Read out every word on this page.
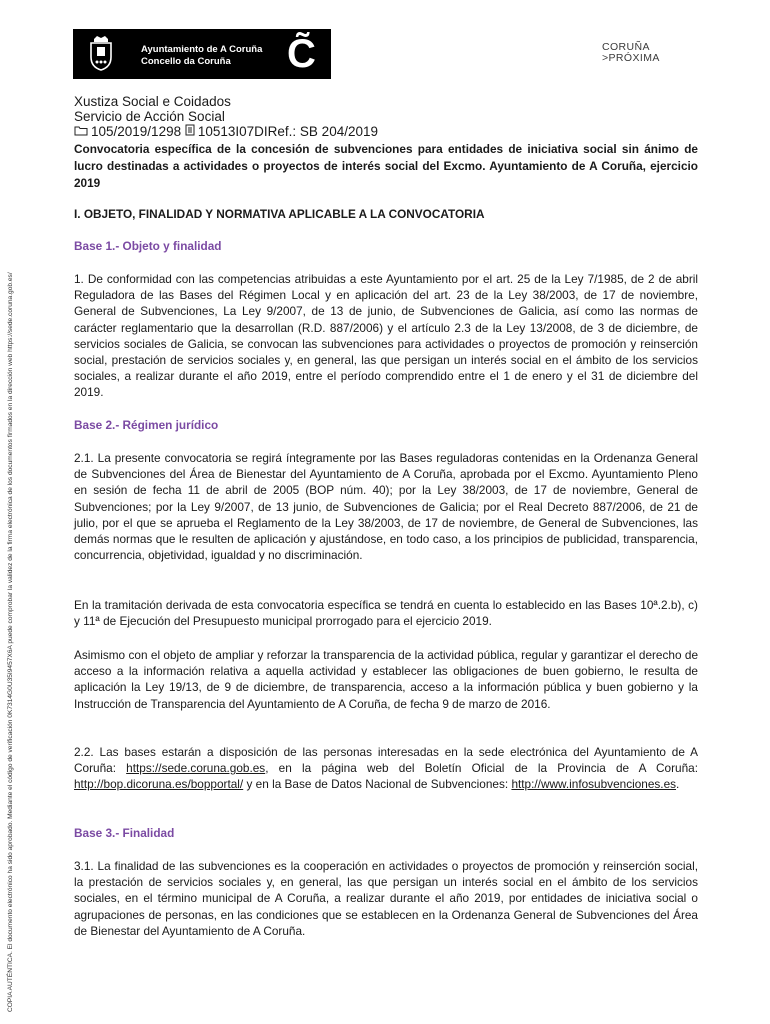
Ayuntamiento de A Coruña
Concello da Coruña C̃	CORUÑA
>PRÓXIMA
COPIA AUTÉNTICA. El documento electrónico ha sido aprobado. Mediante el código de verificación 0K7314G0U35I9457X6A puede comprobar la validez de la firma electrónica de los documentos firmados en la dirección web https://sede.coruna.gob.es/
Xustiza Social e Coidados
Servicio de Acción Social
105/2019/1298 10513I07DIRef.: SB 204/2019
Convocatoria específica de la concesión de subvenciones para entidades de iniciativa social sin ánimo de lucro destinadas a actividades o proyectos de interés social del Excmo. Ayuntamiento de A Coruña, ejercicio 2019
I. OBJETO, FINALIDAD Y NORMATIVA APLICABLE A LA CONVOCATORIA
Base 1.- Objeto y finalidad
1. De conformidad con las competencias atribuidas a este Ayuntamiento por el art. 25 de la Ley 7/1985, de 2 de abril Reguladora de las Bases del Régimen Local y en aplicación del art. 23 de la Ley 38/2003, de 17 de noviembre, General de Subvenciones, La Ley 9/2007, de 13 de junio, de Subvenciones de Galicia, así como las normas de carácter reglamentario que la desarrollan (R.D. 887/2006) y el artículo 2.3 de la Ley 13/2008, de 3 de diciembre, de servicios sociales de Galicia, se convocan las subvenciones para actividades o proyectos de promoción y reinserción social, prestación de servicios sociales y, en general, las que persigan un interés social en el ámbito de los servicios sociales, a realizar durante el año 2019, entre el período comprendido entre el 1 de enero y el 31 de diciembre del 2019.
Base 2.- Régimen jurídico
2.1. La presente convocatoria se regirá íntegramente por las Bases reguladoras contenidas en la Ordenanza General de Subvenciones del Área de Bienestar del Ayuntamiento de A Coruña, aprobada por el Excmo. Ayuntamiento Pleno en sesión de fecha 11 de abril de 2005 (BOP núm. 40); por la Ley 38/2003, de 17 de noviembre, General de Subvenciones; por la Ley 9/2007, de 13 junio, de Subvenciones de Galicia; por el Real Decreto 887/2006, de 21 de julio, por el que se aprueba el Reglamento de la Ley 38/2003, de 17 de noviembre, de General de Subvenciones, las demás normas que le resulten de aplicación y ajustándose, en todo caso, a los principios de publicidad, transparencia, concurrencia, objetividad, igualdad y no discriminación.
En la tramitación derivada de esta convocatoria específica se tendrá en cuenta lo establecido en las Bases 10ª.2.b), c) y 11ª de Ejecución del Presupuesto municipal prorrogado para el ejercicio 2019.
Asimismo con el objeto de ampliar y reforzar la transparencia de la actividad pública, regular y garantizar el derecho de acceso a la información relativa a aquella actividad y establecer las obligaciones de buen gobierno, le resulta de aplicación la Ley 19/13, de 9 de diciembre, de transparencia, acceso a la información pública y buen gobierno y la Instrucción de Transparencia del Ayuntamiento de A Coruña, de fecha 9 de marzo de 2016.
2.2. Las bases estarán a disposición de las personas interesadas en la sede electrónica del Ayuntamiento de A Coruña: https://sede.coruna.gob.es, en la página web del Boletín Oficial de la Provincia de A Coruña: http://bop.dicoruna.es/bopportal/ y en la Base de Datos Nacional de Subvenciones: http://www.infosubvenciones.es.
Base 3.- Finalidad
3.1. La finalidad de las subvenciones es la cooperación en actividades o proyectos de promoción y reinserción social, la prestación de servicios sociales y, en general, las que persigan un interés social en el ámbito de los servicios sociales, en el término municipal de A Coruña, a realizar durante el año 2019, por entidades de iniciativa social o agrupaciones de personas, en las condiciones que se establecen en la Ordenanza General de Subvenciones del Área de Bienestar del Ayuntamiento de A Coruña.
